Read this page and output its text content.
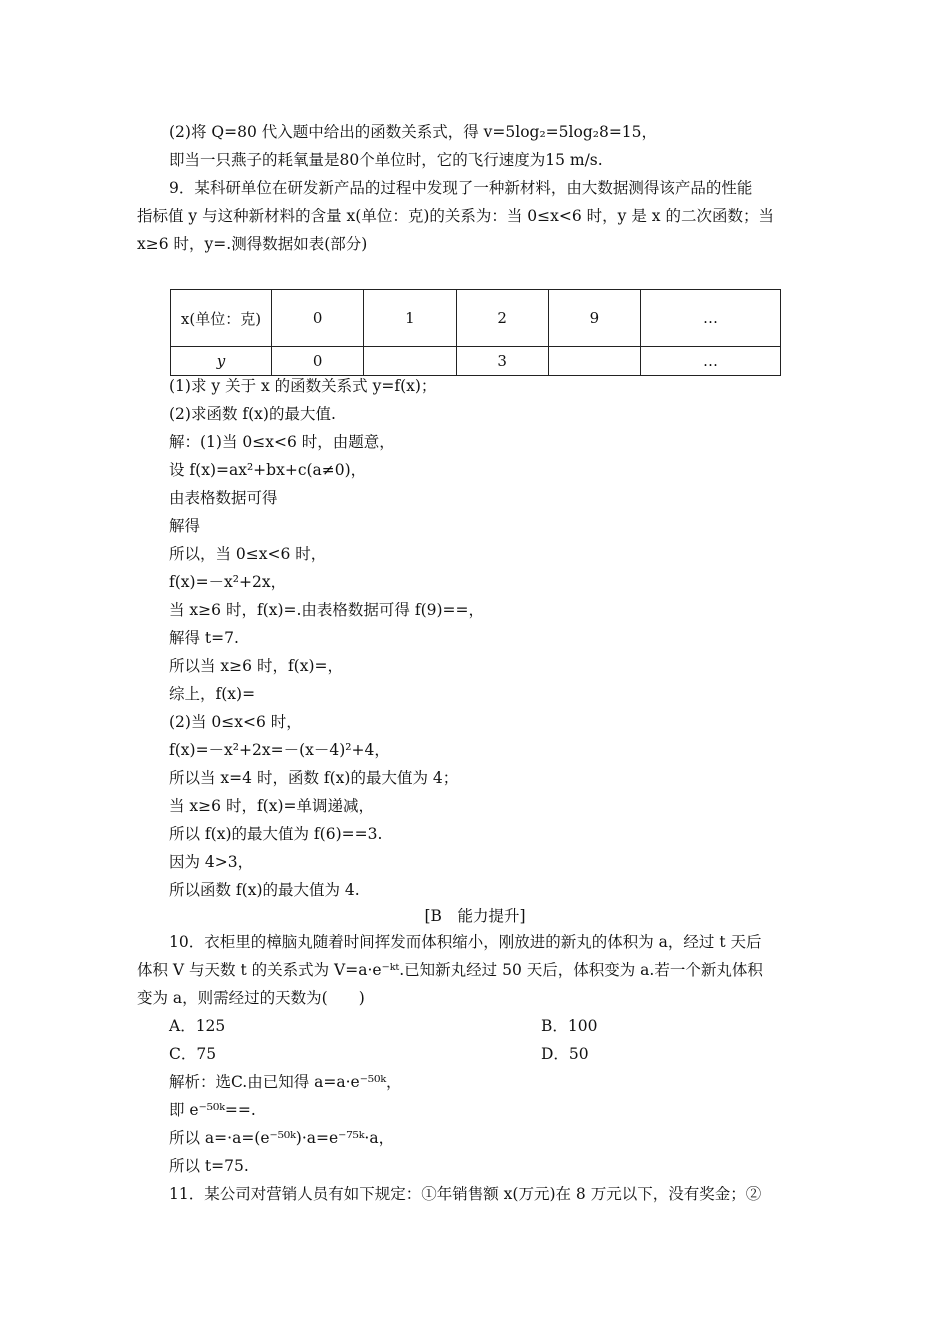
(2)将 Q=80 代入题中给出的函数关系式，得 v=5log₂=5log₂8=15，
即当一只燕子的耗氧量是80个单位时，它的飞行速度为15 m/s.
9．某科研单位在研发新产品的过程中发现了一种新材料，由大数据测得该产品的性能
指标值 y 与这种新材料的含量 x(单位：克)的关系为：当 0≤x<6 时，y 是 x 的二次函数；当
x≥6 时，y=.测得数据如表(部分)
x(单位：克)	0	1	2	9	…
y	0		3		…
(1)求 y 关于 x 的函数关系式 y=f(x)；
(2)求函数 f(x)的最大值.
解：(1)当 0≤x<6 时，由题意，
设 f(x)=ax²+bx+c(a≠0)，
由表格数据可得
解得
所以，当 0≤x<6 时，
f(x)=－x²+2x，
当 x≥6 时，f(x)=.由表格数据可得 f(9)==，
解得 t=7.
所以当 x≥6 时，f(x)=，
综上，f(x)=
(2)当 0≤x<6 时，
f(x)=－x²+2x=－(x－4)²+4，
所以当 x=4 时，函数 f(x)的最大值为 4；
当 x≥6 时，f(x)=单调递减，
所以 f(x)的最大值为 f(6)==3.
因为 4>3，
所以函数 f(x)的最大值为 4.
[B　能力提升]
10．衣柜里的樟脑丸随着时间挥发而体积缩小，刚放进的新丸的体积为 a，经过 t 天后
体积 V 与天数 t 的关系式为 V=a·e⁻ᵏᵗ.已知新丸经过 50 天后，体积变为 a.若一个新丸体积
变为 a，则需经过的天数为(　　)
A．125	B．100
C．75	D．50
解析：选C.由已知得 a=a·e⁻⁵⁰ᵏ，
即 e⁻⁵⁰ᵏ==.
所以 a=·a=(e⁻⁵⁰ᵏ)·a=e⁻⁷⁵ᵏ·a，
所以 t=75.
11．某公司对营销人员有如下规定：①年销售额 x(万元)在 8 万元以下，没有奖金；②
